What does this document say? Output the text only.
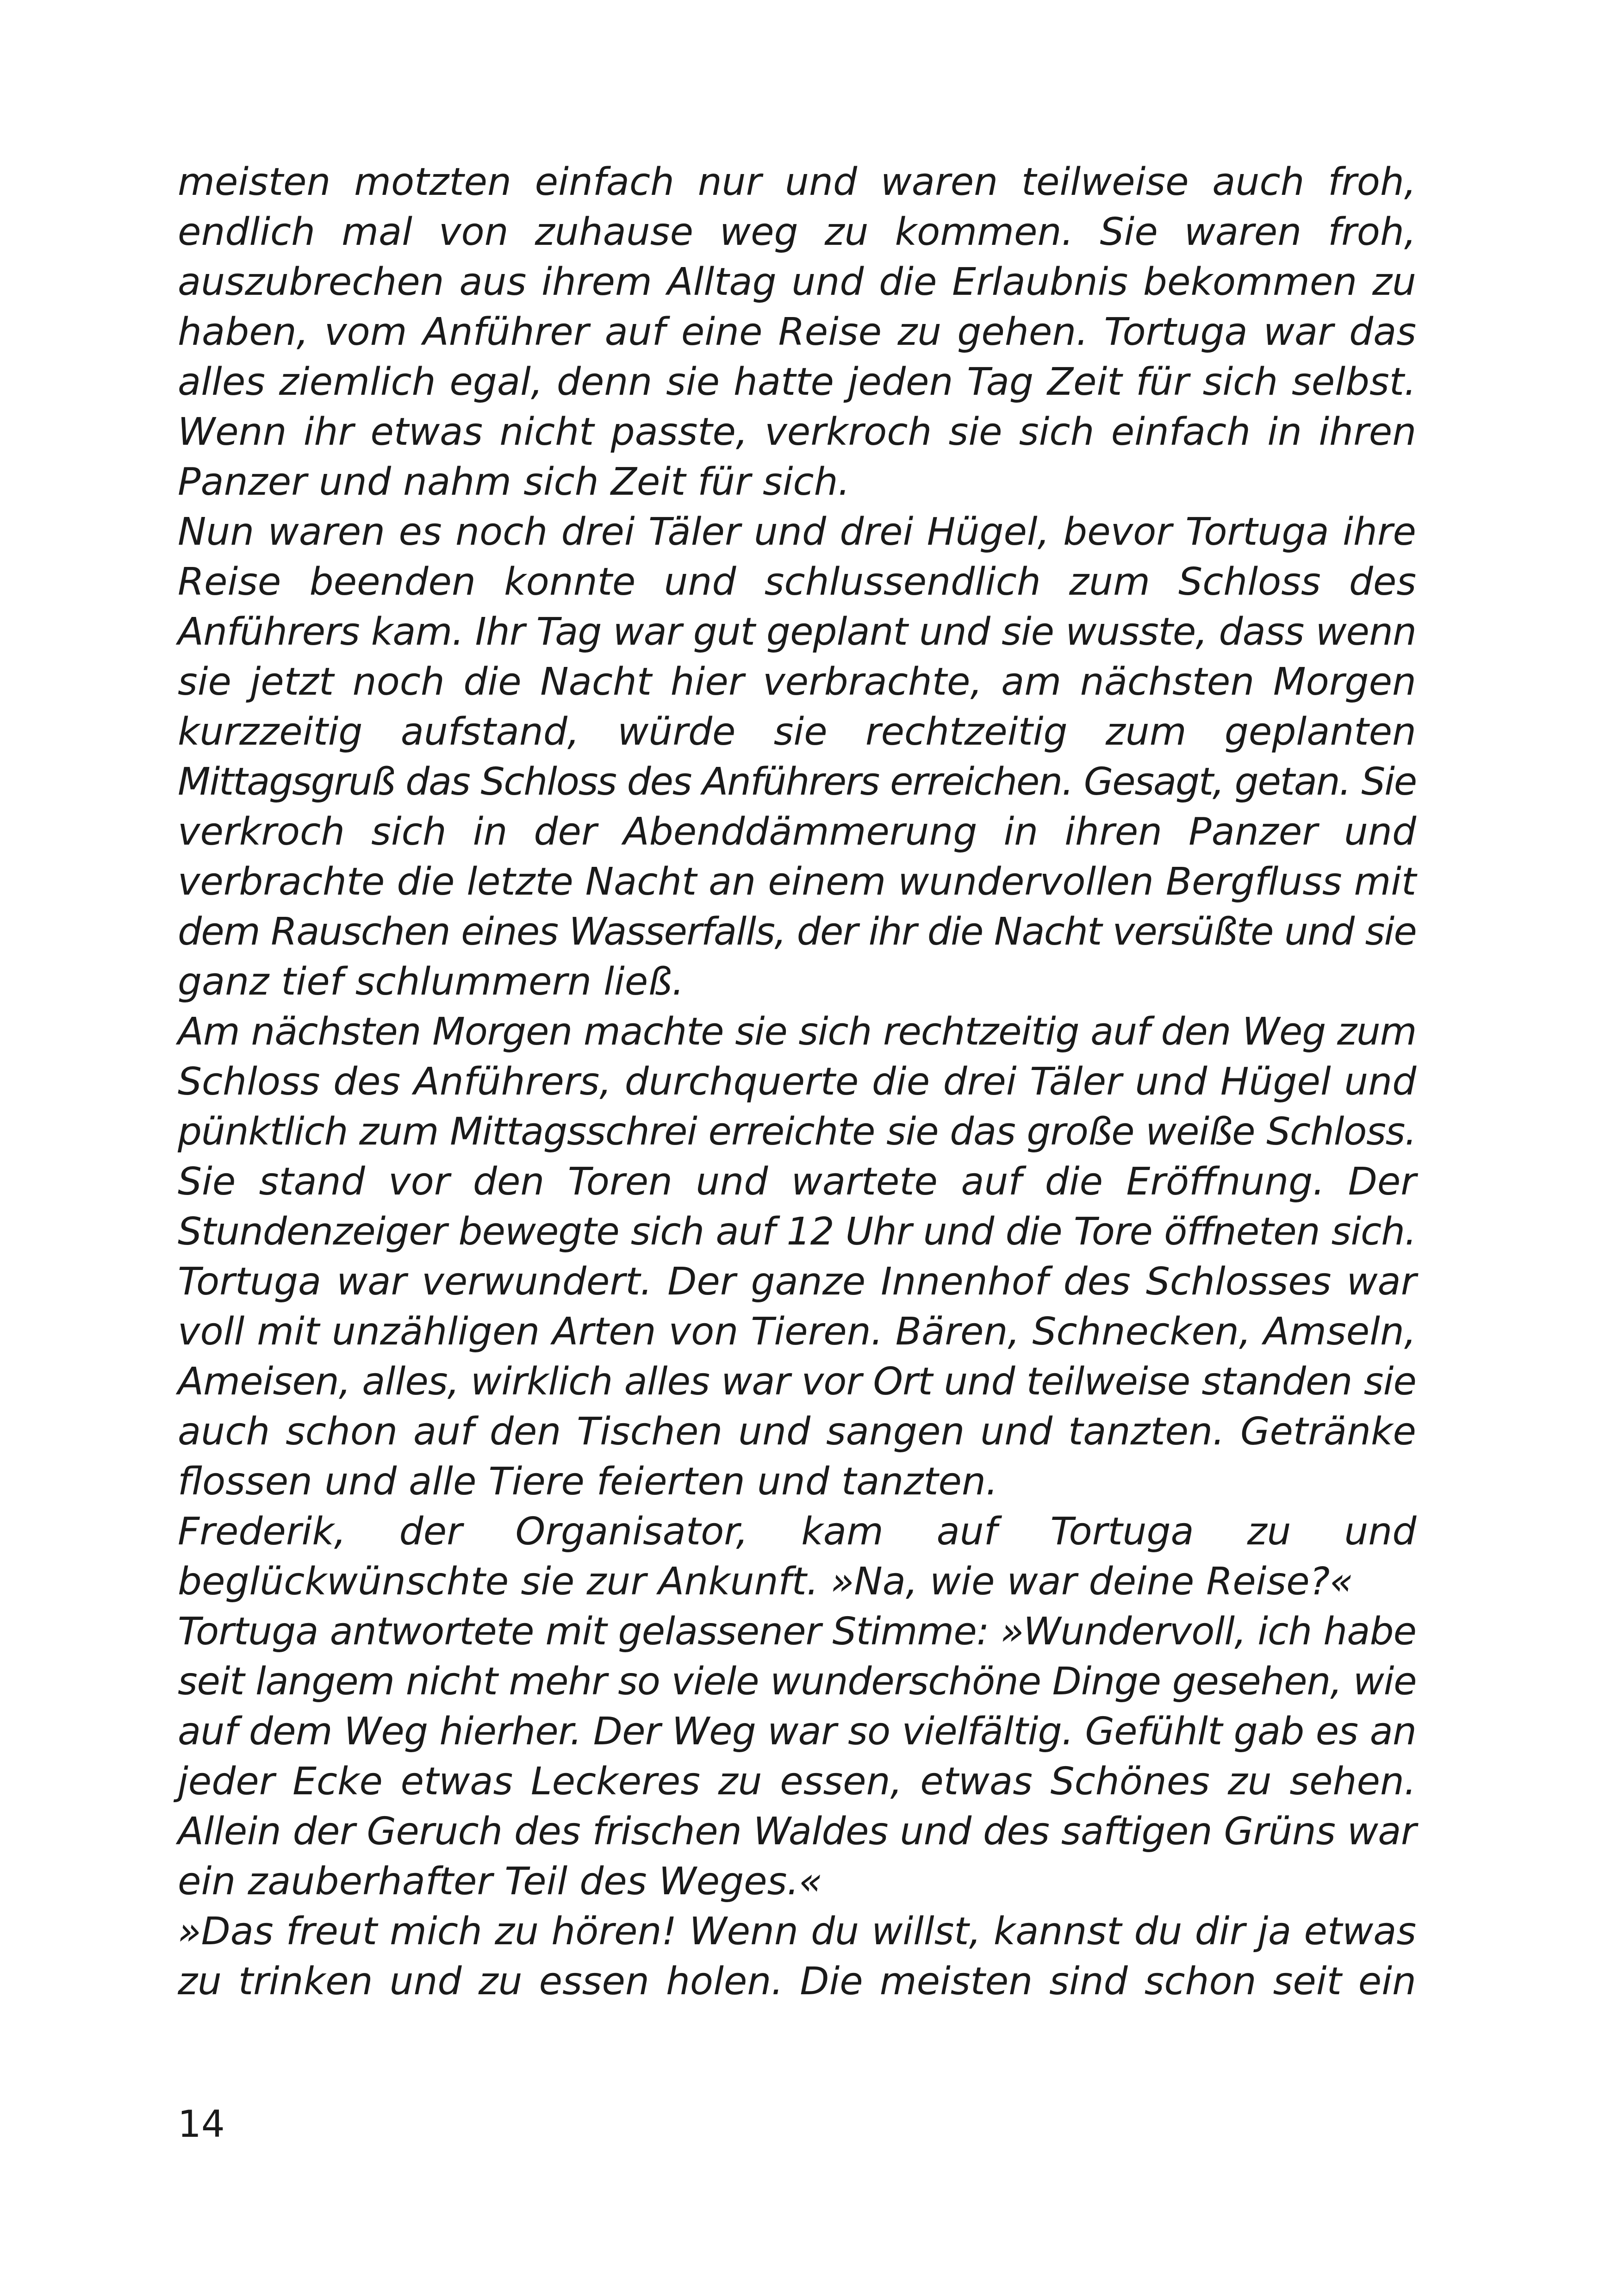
meisten motzten einfach nur und waren teilweise auch froh,
endlich mal von zuhause weg zu kommen. Sie waren froh,
auszubrechen aus ihrem Alltag und die Erlaubnis bekommen zu
haben, vom Anführer auf eine Reise zu gehen. Tortuga war das
alles ziemlich egal, denn sie hatte jeden Tag Zeit für sich selbst.
Wenn ihr etwas nicht passte, verkroch sie sich einfach in ihren
Panzer und nahm sich Zeit für sich.
Nun waren es noch drei Täler und drei Hügel, bevor Tortuga ihre
Reise beenden konnte und schlussendlich zum Schloss des
Anführers kam. Ihr Tag war gut geplant und sie wusste, dass wenn
sie jetzt noch die Nacht hier verbrachte, am nächsten Morgen
kurzzeitig aufstand, würde sie rechtzeitig zum geplanten
Mittagsgruß das Schloss des Anführers erreichen. Gesagt, getan. Sie
verkroch sich in der Abenddämmerung in ihren Panzer und
verbrachte die letzte Nacht an einem wundervollen Bergfluss mit
dem Rauschen eines Wasserfalls, der ihr die Nacht versüßte und sie
ganz tief schlummern ließ.
Am nächsten Morgen machte sie sich rechtzeitig auf den Weg zum
Schloss des Anführers, durchquerte die drei Täler und Hügel und
pünktlich zum Mittagsschrei erreichte sie das große weiße Schloss.
Sie stand vor den Toren und wartete auf die Eröffnung. Der
Stundenzeiger bewegte sich auf 12 Uhr und die Tore öffneten sich.
Tortuga war verwundert. Der ganze Innenhof des Schlosses war
voll mit unzähligen Arten von Tieren. Bären, Schnecken, Amseln,
Ameisen, alles, wirklich alles war vor Ort und teilweise standen sie
auch schon auf den Tischen und sangen und tanzten. Getränke
flossen und alle Tiere feierten und tanzten.
Frederik, der Organisator, kam auf Tortuga zu und
beglückwünschte sie zur Ankunft. »Na, wie war deine Reise?«
Tortuga antwortete mit gelassener Stimme: »Wundervoll, ich habe
seit langem nicht mehr so viele wunderschöne Dinge gesehen, wie
auf dem Weg hierher. Der Weg war so vielfältig. Gefühlt gab es an
jeder Ecke etwas Leckeres zu essen, etwas Schönes zu sehen.
Allein der Geruch des frischen Waldes und des saftigen Grüns war
ein zauberhafter Teil des Weges.«
»Das freut mich zu hören! Wenn du willst, kannst du dir ja etwas
zu trinken und zu essen holen. Die meisten sind schon seit ein
14
